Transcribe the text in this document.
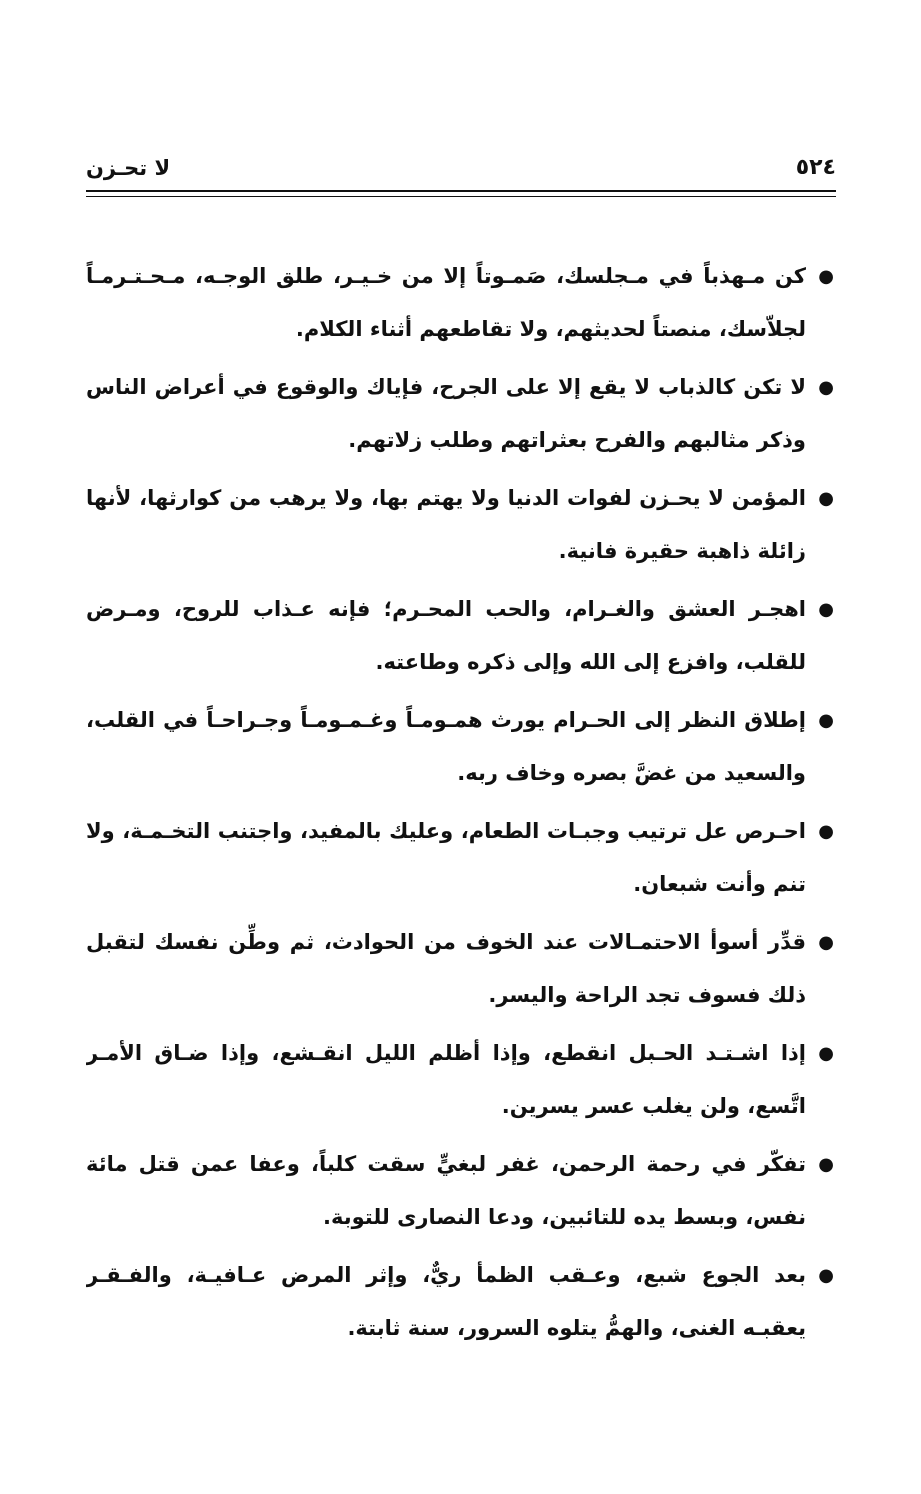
٥٢٤
لا تحـزن
●
كن مـهذباً في مـجلسك، صَمـوتاً إلا من خـيـر، طلق الوجـه، مـحـتـرمـاً لجلاّسك، منصتاً لحديثهم، ولا تقاطعهم أثناء الكلام.
●
لا تكن كالذباب لا يقع إلا على الجرح، فإياك والوقوع في أعراض الناس وذكر مثالبهم والفرح بعثراتهم وطلب زلاتهم.
●
المؤمن لا يحـزن لفوات الدنيا ولا يهتم بها، ولا يرهب من كوارثها، لأنها زائلة ذاهبة حقيرة فانية.
●
اهجـر العشق والغـرام، والحب المحـرم؛ فإنه عـذاب للروح، ومـرض للقلب، وافزع إلى الله وإلى ذكره وطاعته.
●
إطلاق النظر إلى الحـرام يورث همـومـاً وغـمـومـاً وجـراحـاً في القلب، والسعيد من غضَّ بصره وخاف ربه.
●
احـرص عل ترتيب وجبـات الطعام، وعليك بالمفيد، واجتنب التخـمـة، ولا تنم وأنت شبعان.
●
قدِّر أسوأ الاحتمـالات عند الخوف من الحوادث، ثم وطِّن نفسك لتقبل ذلك فسوف تجد الراحة واليسر.
●
إذا اشـتـد الحـبل انقطع، وإذا أظلم الليل انقـشع، وإذا ضـاق الأمـر اتَّسع، ولن يغلب عسر يسرين.
●
تفكّر في رحمة الرحمن، غفر لبغيٍّ سقت كلباً، وعفا عمن قتل مائة نفس، وبسط يده للتائبين، ودعا النصارى للتوبة.
●
بعد الجوع شبع، وعـقب الظمأ ريٌّ، وإثر المرض عـافيـة، والفـقـر يعقبـه الغنى، والهمُّ يتلوه السرور، سنة ثابتة.
